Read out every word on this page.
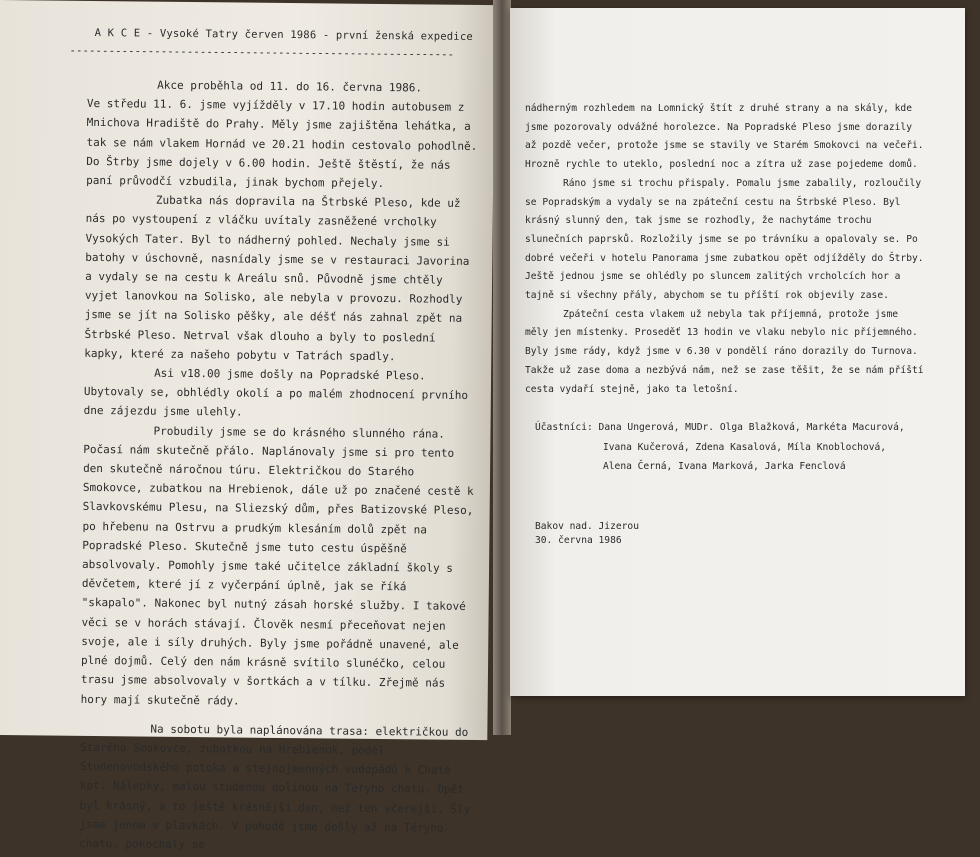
A K C E - Vysoké Tatry červen 1986 - první ženská expedice
-----------------------------------------------------------

Akce proběhla od 11. do 16. června 1986.

Ve středu 11. 6. jsme vyjížděly v 17.10 hodin autobusem z Mnichova Hradiště do Prahy. Měly jsme zajištěna lehátka, a tak se nám vlakem Hornád ve 20.21 hodin cestovalo pohodlně. Do Štrby jsme dojely v 6.00 hodin. Ještě štěstí, že nás paní průvodčí vzbudila, jinak bychom přejely.

Zubatka nás dopravila na Štrbské Pleso, kde už nás po vystoupení z vláčku uvítaly zasněžené vrcholky Vysokých Tater. Byl to nádherný pohled. Nechaly jsme si batohy v úschovně, nasnídaly jsme se v restauraci Javorina a vydaly se na cestu k Areálu snů. Původně jsme chtěly vyjet lanovkou na Solisko, ale nebyla v provozu. Rozhodly jsme se jít na Solisko pěšky, ale déšť nás zahnal zpět na Štrbské Pleso. Netrval však dlouho a byly to poslední kapky, které za našeho pobytu v Tatrách spadly.

Asi v18.00 jsme došly na Popradské Pleso. Ubytovaly se, obhlédly okolí a po malém zhodnocení prvního dne zájezdu jsme ulehly.

Probudily jsme se do krásného slunného rána. Počasí nám skutečně přálo. Naplánovaly jsme si pro tento den skutečně náročnou túru. Električkou do Starého Smokovce, zubatkou na Hrebienok, dále už po značené cestě k Slavkovskému Plesu, na Sliezský dům, přes Batizovské Pleso, po hřebenu na Ostrvu a prudkým klesáním dolů zpět na Popradské Pleso. Skutečně jsme tuto cestu úspěšně absolvovaly. Pomohly jsme také učitelce základní školy s děvčetem, které jí z vyčerpání úplně, jak se říká "skapalo". Nakonec byl nutný zásah horské služby. I takové věci se v horách stávají. Člověk nesmí přeceňovat nejen svoje, ale i síly druhých. Byly jsme pořádně unavené, ale plné dojmů. Celý den nám krásně svítilo slunéčko, celou trasu jsme absolvovaly v šortkách a v tílku. Zřejmě nás hory mají skutečně rády.

Na sobotu byla naplánována trasa: električkou do Starého Smokovce, zubatkou na Hrebienok, podél Studenovodského potoka a stejnojmenných vodopádů k Chatě kpt. Nálepky, malou studenou dolinou na Téryho chatu. Opět byl krásný, a to ještě krásnější den, než ten včerejší. Šly jsme jenom v plavkách. V pohodě jsme došly až na Téryho chatu, pokochaly se

nádherným rozhledem na Lomnický štít z druhé strany a na skály, kde jsme pozorovaly odvážné horolezce. Na Popradské Pleso jsme dorazily až pozdě večer, protože jsme se stavily ve Starém Smokovci na večeři. Hrozně rychle to uteklo, poslední noc a zítra už zase pojedeme domů.

Ráno jsme si trochu přispaly. Pomalu jsme zabalily, rozloučily se Popradským a vydaly se na zpáteční cestu na Štrbské Pleso. Byl krásný slunný den, tak jsme se rozhodly, že nachytáme trochu slunečních paprsků. Rozložily jsme se po trávníku a opalovaly se. Po dobré večeři v hotelu Panorama jsme zubatkou opět odjížděly do Štrby. Ještě jednou jsme se ohlédly po sluncem zalitých vrcholcích hor a tajně si všechny přály, abychom se tu příští rok objevily zase.

Zpáteční cesta vlakem už nebyla tak příjemná, protože jsme měly jen místenky. Proseděť 13 hodin ve vlaku nebylo nic příjemného. Byly jsme rády, když jsme v 6.30 v pondělí ráno dorazily do Turnova. Takže už zase doma a nezbývá nám, než se zase těšit, že se nám příští cesta vydaří stejně, jako ta letošní.

Účastníci: Dana Ungerová, MUDr. Olga Blažková, Markéta Macurová,
Ivana Kučerová, Zdena Kasalová, Míla Knoblochová,
Alena Černá, Ivana Marková, Jarka Fenclová
Bakov nad. Jizerou
30. června 1986
